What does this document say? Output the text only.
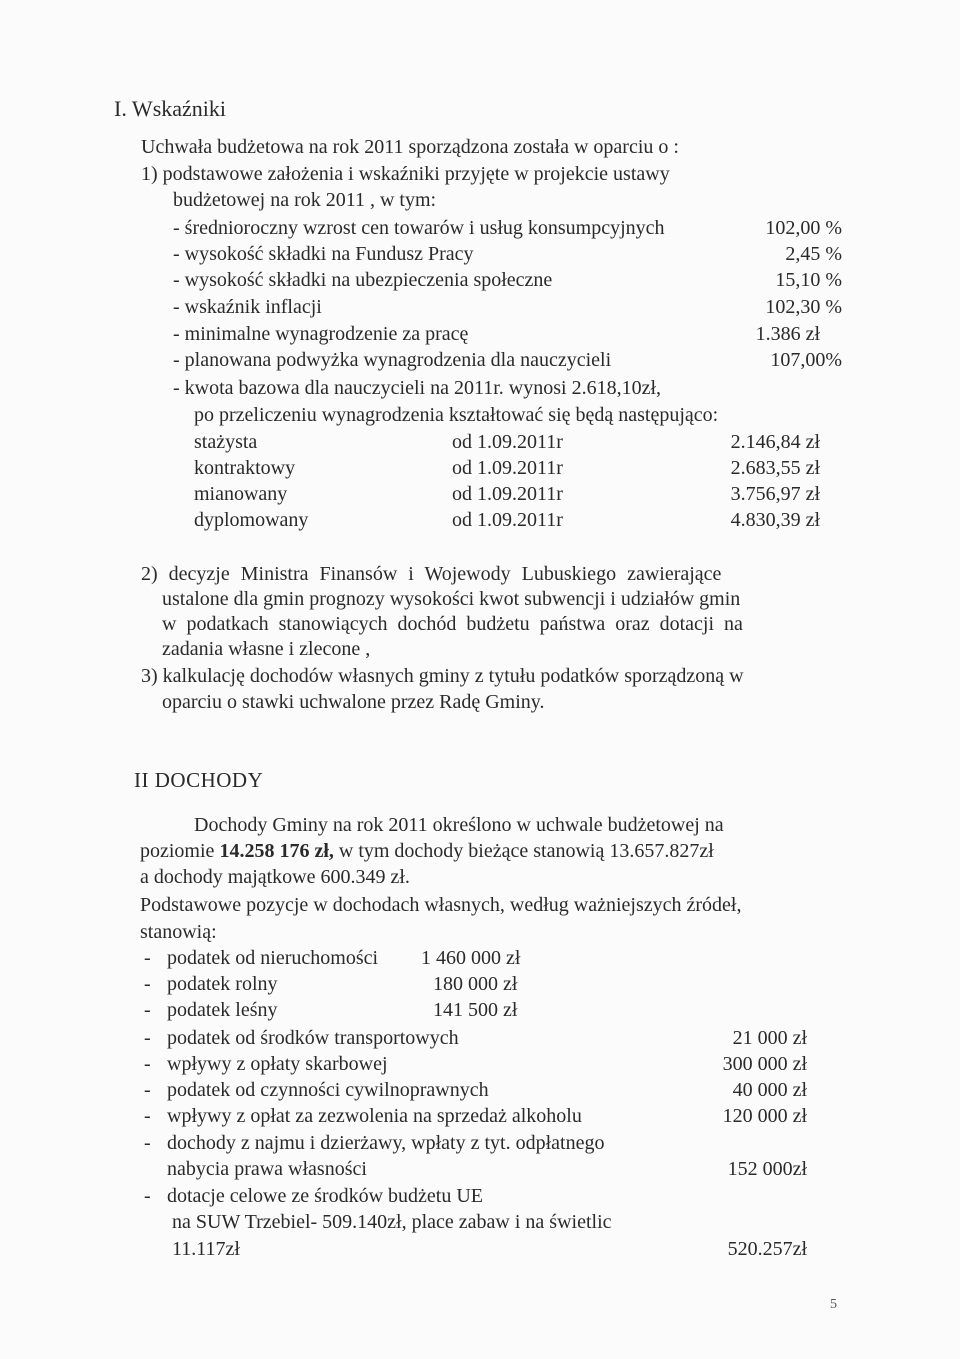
I. Wskaźniki
Uchwała budżetowa na rok 2011 sporządzona została w oparciu o :
1) podstawowe założenia i wskaźniki przyjęte w projekcie ustawy
budżetowej na rok 2011 , w tym:
- średnioroczny wzrost cen towarów i usług konsumpcyjnych	102,00 %
- wysokość składki na Fundusz Pracy	2,45 %
- wysokość składki na ubezpieczenia społeczne	15,10 %
- wskaźnik inflacji	102,30 %
- minimalne wynagrodzenie za pracę	1.386 zł
- planowana podwyżka wynagrodzenia dla nauczycieli	107,00%
- kwota bazowa dla nauczycieli na 2011r. wynosi 2.618,10zł,
po przeliczeniu wynagrodzenia kształtować się będą następująco:
stażysta	od 1.09.2011r	2.146,84 zł
kontraktowy	od 1.09.2011r	2.683,55 zł
mianowany	od 1.09.2011r	3.756,97 zł
dyplomowany	od 1.09.2011r	4.830,39 zł
2) decyzje Ministra Finansów i Wojewody Lubuskiego zawierające
ustalone dla gmin prognozy wysokości kwot subwencji i udziałów gmin
w podatkach stanowiących dochód budżetu państwa oraz dotacji na
zadania własne i zlecone ,
3) kalkulację dochodów własnych gminy z tytułu podatków sporządzoną w
oparciu o stawki uchwalone przez Radę Gminy.
II DOCHODY
Dochody Gminy na rok 2011 określono w uchwale budżetowej na
poziomie 14.258 176 zł, w tym dochody bieżące stanowią 13.657.827zł
a dochody majątkowe 600.349 zł.
Podstawowe pozycje w dochodach własnych, według ważniejszych źródeł,
stanowią:
- podatek od nieruchomości 1 460 000 zł
- podatek rolny	180 000 zł
- podatek leśny	141 500 zł
- podatek od środków transportowych	21 000 zł
- wpływy z opłaty skarbowej	300 000 zł
- podatek od czynności cywilnoprawnych	40 000 zł
- wpływy z opłat za zezwolenia na sprzedaż alkoholu	120 000 zł
- dochody z najmu i dzierżawy, wpłaty z tyt. odpłatnego
nabycia prawa własności	152 000zł
- dotacje celowe ze środków budżetu UE
na SUW Trzebiel- 509.140zł, place zabaw i na świetlic
11.117zł	520.257zł
5
